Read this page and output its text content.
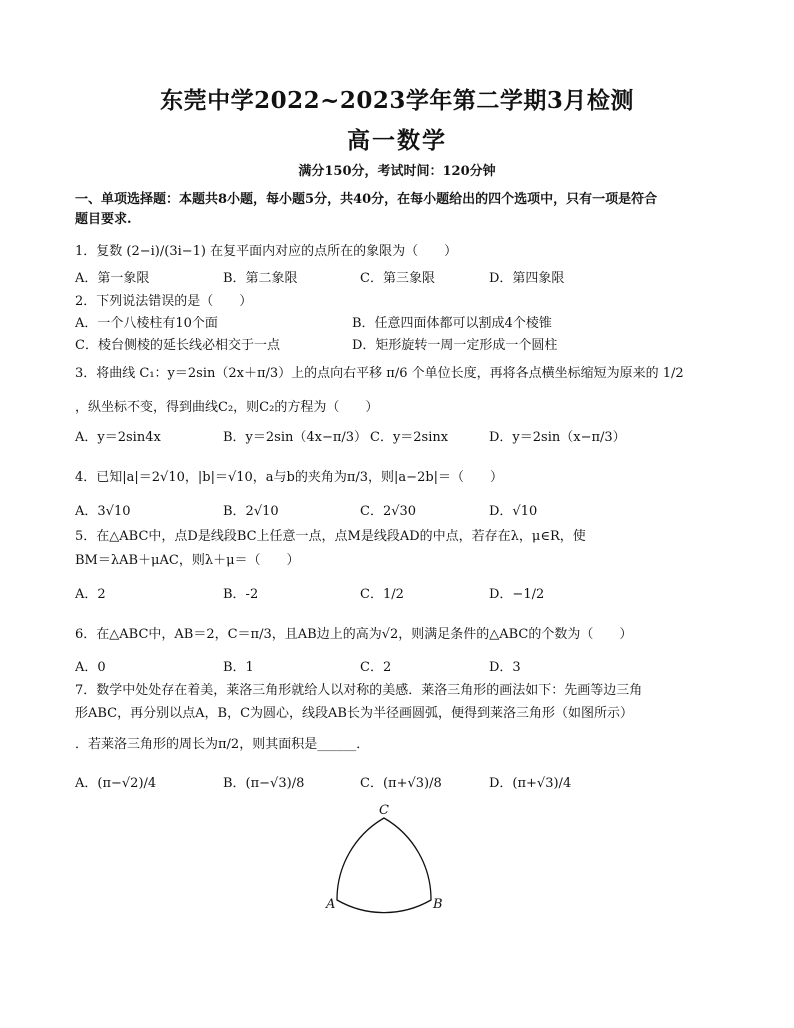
东莞中学2022~2023学年第二学期3月检测
高一数学
满分150分，考试时间：120分钟
一、单项选择题：本题共8小题，每小题5分，共40分，在每小题给出的四个选项中，只有一项是符合
题目要求.
1．复数 (2−i)/(3i−1) 在复平面内对应的点所在的象限为（　　）
A．第一象限	B．第二象限	C．第三象限	D．第四象限
2．下列说法错误的是（　　）
A．一个八棱柱有10个面	B．任意四面体都可以割成4个棱锥
C．棱台侧棱的延长线必相交于一点	D．矩形旋转一周一定形成一个圆柱
3．将曲线 C₁：y＝2sin（2x＋π/3）上的点向右平移 π/6 个单位长度，再将各点横坐标缩短为原来的 1/2
，纵坐标不变，得到曲线C₂，则C₂的方程为（　　）
A．y＝2sin4x	B．y＝2sin（4x−π/3） C．y＝2sinx	D．y＝2sin（x−π/3）
4．已知|a|＝2√10，|b|＝√10，a与b的夹角为π/3，则|a−2b|＝（　　）
A．3√10	B．2√10	C．2√30	D．√10
5．在△ABC中，点D是线段BC上任意一点，点M是线段AD的中点，若存在λ，μ∈R，使
BM＝λAB＋μAC，则λ＋μ＝（　　）
A．2	B．-2	C．1/2	D．−1/2
6．在△ABC中，AB＝2，C＝π/3，且AB边上的高为√2，则满足条件的△ABC的个数为（　　）
A．0	B．1	C．2	D．3
7．数学中处处存在着美，莱洛三角形就给人以对称的美感．莱洛三角形的画法如下：先画等边三角
形ABC，再分别以点A，B，C为圆心，线段AB长为半径画圆弧，便得到莱洛三角形（如图所示）
．若莱洛三角形的周长为π/2，则其面积是______．
A．(π−√2)/4	B．(π−√3)/8	C．(π+√3)/8	D．(π+√3)/4
C
A	B
